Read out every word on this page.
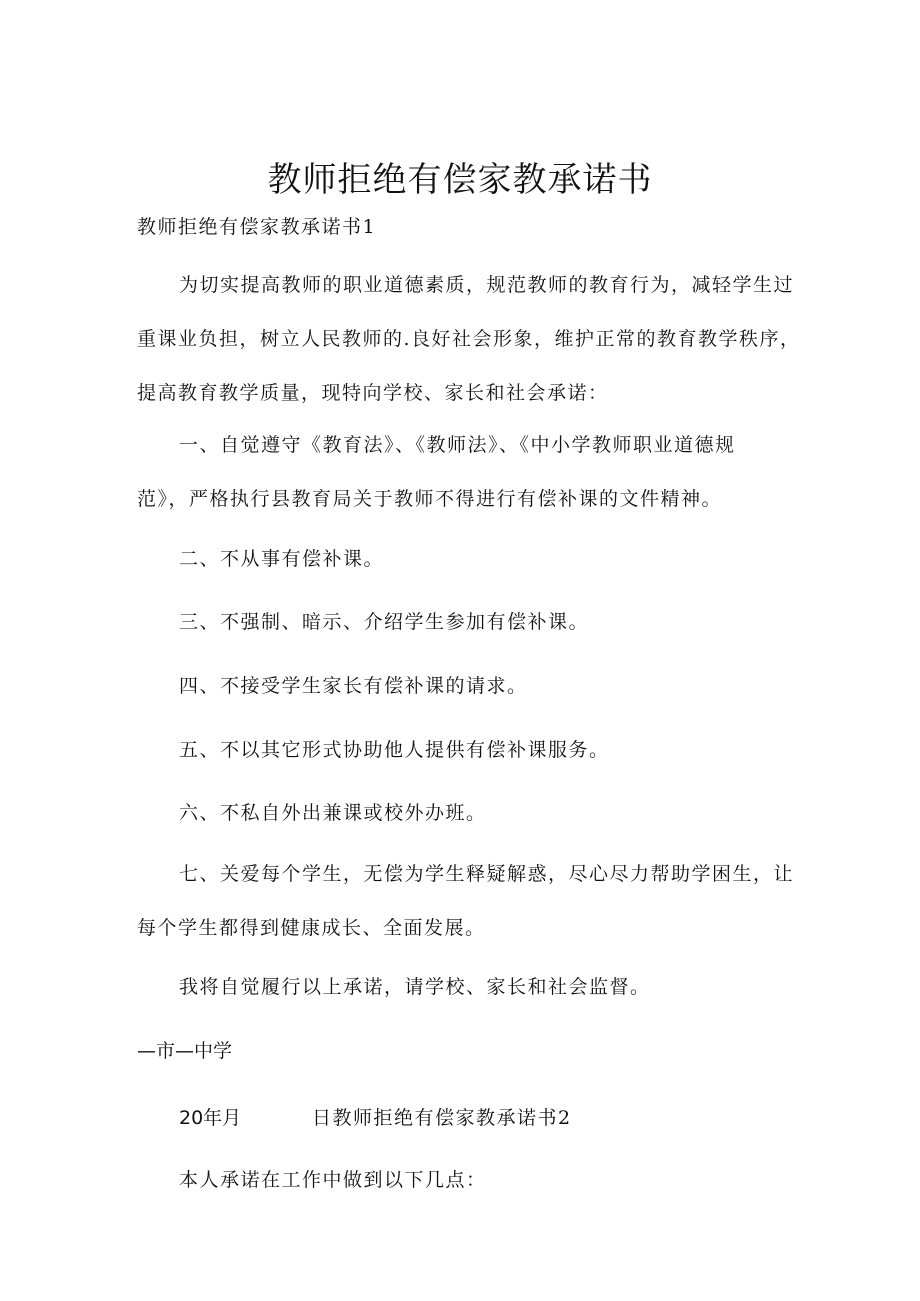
教师拒绝有偿家教承诺书
教师拒绝有偿家教承诺书1
为切实提高教师的职业道德素质，规范教师的教育行为，减轻学生过
重课业负担，树立人民教师的.良好社会形象，维护正常的教育教学秩序，
提高教育教学质量，现特向学校、家长和社会承诺：
一、自觉遵守《教育法》、《教师法》、《中小学教师职业道德规
范》，严格执行县教育局关于教师不得进行有偿补课的文件精神。
二、不从事有偿补课。
三、不强制、暗示、介绍学生参加有偿补课。
四、不接受学生家长有偿补课的请求。
五、不以其它形式协助他人提供有偿补课服务。
六、不私自外出兼课或校外办班。
七、关爱每个学生，无偿为学生释疑解惑，尽心尽力帮助学困生，让
每个学生都得到健康成长、全面发展。
我将自觉履行以上承诺，请学校、家长和社会监督。
—市—中学
20年月	日教师拒绝有偿家教承诺书2
本人承诺在工作中做到以下几点：
